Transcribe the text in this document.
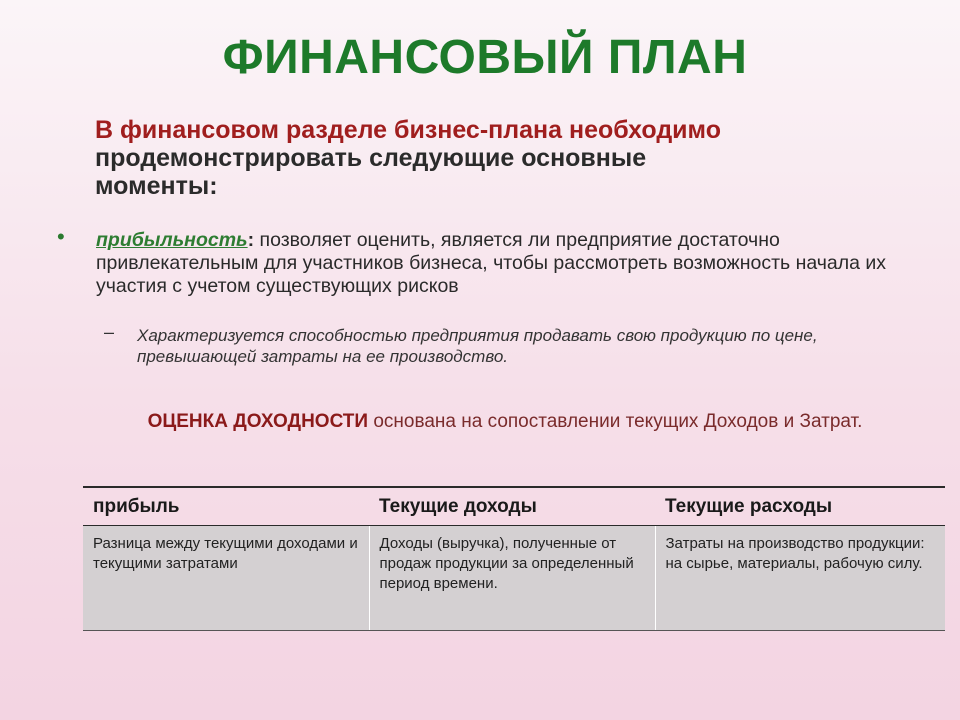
ФИНАНСОВЫЙ ПЛАН
В финансовом разделе бизнес-плана необходимо
продемонстрировать следующие основные
моменты:
• прибыльность: позволяет оценить, является ли предприятие достаточно привлекательным для участников бизнеса, чтобы рассмотреть возможность начала их участия с учетом существующих рисков
– Характеризуется способностью предприятия продавать свою продукцию по цене, превышающей затраты на ее производство.
ОЦЕНКА ДОХОДНОСТИ основана на сопоставлении текущих Доходов и Затрат.
прибыль	Текущие доходы	Текущие расходы
Разница между текущими доходами и текущими затратами	Доходы (выручка), полученные от продаж продукции за определенный период времени.	Затраты на производство продукции: на сырье, материалы, рабочую силу.
